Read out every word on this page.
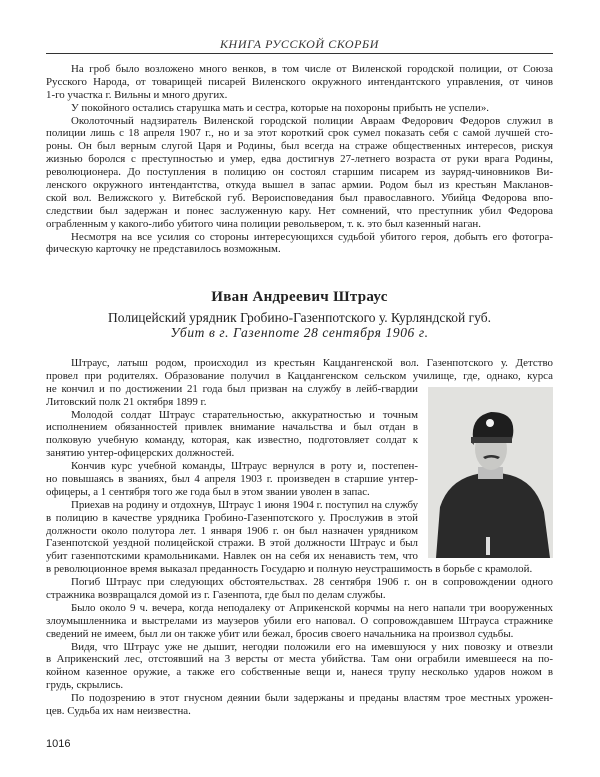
КНИГА РУССКОЙ СКОРБИ
На гроб было возложено много венков, в том числе от Виленской городской полиции, от Союза
Русского Народа, от товарищей писарей Виленского окружного интендантского управления, от чинов
1-го участка г. Вильны и много других.
У покойного остались старушка мать и сестра, которые на похороны прибыть не успели».
Околоточный надзиратель Виленской городской полиции Авраам Федорович Федоров служил в
полиции лишь с 18 апреля 1907 г., но и за этот короткий срок сумел показать себя с самой лучшей сто-
роны. Он был верным слугой Царя и Родины, был всегда на страже общественных интересов, рискуя
жизнью боролся с преступностью и умер, едва достигнув 27-летнего возраста от руки врага Родины,
революционера. До поступления в полицию он состоял старшим писарем из зауряд-чиновников Ви-
ленского окружного интендантства, откуда вышел в запас армии. Родом был из крестьян Макланов-
ской вол. Велижского у. Витебской губ. Вероисповедания был православного. Убийца Федорова впо-
следствии был задержан и понес заслуженную кару. Нет сомнений, что преступник убил Федорова
ограбленным у какого-либо убитого чина полиции револьвером, т. к. это был казенный наган.
Несмотря на все усилия со стороны интересующихся судьбой убитого героя, добыть его фотогра-
фическую карточку не представилось возможным.
Иван Андреевич Штраус
Полицейский урядник Гробино-Газенпотского у. Курляндской губ.
Убит в г. Газенпоте 28 сентября 1906 г.
Штраус, латыш родом, происходил из крестьян Кацдангенской вол. Газенпотского у. Детство
провел при родителях. Образование получил в Кацдангенском сельском училище, где, однако, курса
не кончил и по достижении 21 года был призван на службу в лейб-гвардии
Литовский полк 21 октября 1899 г.
Молодой солдат Штраус старательностью, аккуратностью и точным
исполнением обязанностей привлек внимание начальства и был отдан в
полковую учебную команду, которая, как известно, подготовляет солдат к
занятию унтер-офицерских должностей.
Кончив курс учебной команды, Штраус вернулся в роту и, постепен-
но повышаясь в званиях, был 4 апреля 1903 г. произведен в старшие унтер-
офицеры, а 1 сентября того же года был в этом звании уволен в запас.
Приехав на родину и отдохнув, Штраус 1 июня 1904 г. поступил на службу
в полицию в качестве урядника Гробино-Газенпотского у. Прослужив в этой
должности около полутора лет. 1 января 1906 г. он был назначен урядником
Газенпотской уездной полицейской стражи. В этой должности Штраус и был
убит газенпотскими крамольниками. Навлек он на себя их ненависть тем, что
в революционное время выказал преданность Государю и полную неустрашимость в борьбе с крамолой.
Погиб Штраус при следующих обстоятельствах. 28 сентября 1906 г. он в сопровождении одного
стражника возвращался домой из г. Газенпота, где был по делам службы.
Было около 9 ч. вечера, когда неподалеку от Априкенской корчмы на него напали три вооруженных
злоумышленника и выстрелами из маузеров убили его наповал. О сопровождавшем Штрауса стражнике
сведений не имеем, был ли он также убит или бежал, бросив своего начальника на произвол судьбы.
Видя, что Штраус уже не дышит, негодяи положили его на имевшуюся у них повозку и отвезли
в Априкенский лес, отстоявший на 3 версты от места убийства. Там они ограбили имевшееся на по-
койном казенное оружие, а также его собственные вещи и, нанеся трупу несколько ударов ножом в
грудь, скрылись.
По подозрению в этот гнусном деянии были задержаны и преданы властям трое местных урожен-
цев. Судьба их нам неизвестна.
1016
